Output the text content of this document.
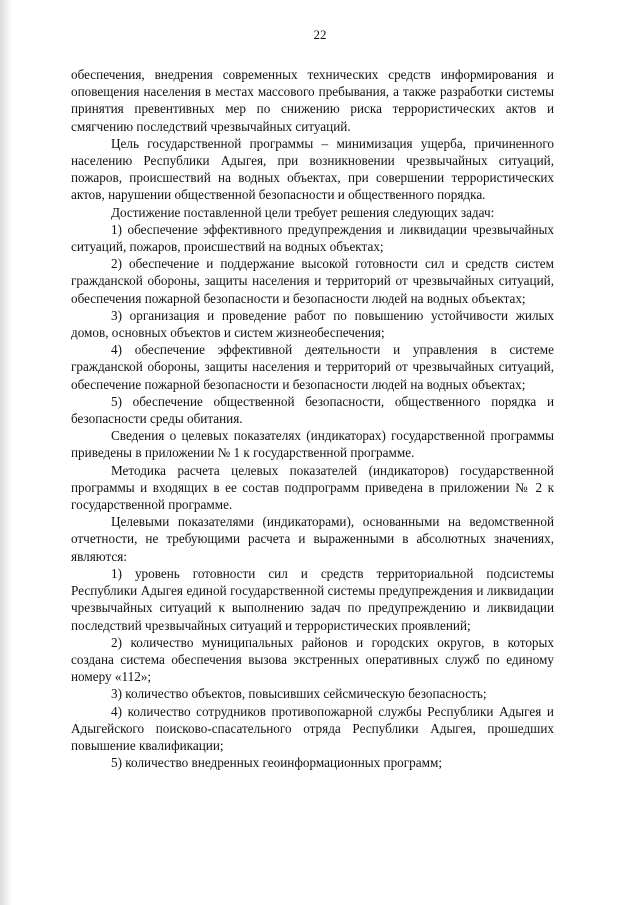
22

обеспечения, внедрения современных технических средств информирования и оповещения населения в местах массового пребывания, а также разработки системы принятия превентивных мер по снижению риска террористических актов и смягчению последствий чрезвычайных ситуаций.

Цель государственной программы – минимизация ущерба, причиненного населению Республики Адыгея, при возникновении чрезвычайных ситуаций, пожаров, происшествий на водных объектах, при совершении террористических актов, нарушении общественной безопасности и общественного порядка.

Достижение поставленной цели требует решения следующих задач:

1) обеспечение эффективного предупреждения и ликвидации чрезвычайных ситуаций, пожаров, происшествий на водных объектах;

2) обеспечение и поддержание высокой готовности сил и средств систем гражданской обороны, защиты населения и территорий от чрезвычайных ситуаций, обеспечения пожарной безопасности и безопасности людей на водных объектах;

3) организация и проведение работ по повышению устойчивости жилых домов, основных объектов и систем жизнеобеспечения;

4) обеспечение эффективной деятельности и управления в системе гражданской обороны, защиты населения и территорий от чрезвычайных ситуаций, обеспечение пожарной безопасности и безопасности людей на водных объектах;

5) обеспечение общественной безопасности, общественного порядка и безопасности среды обитания.

Сведения о целевых показателях (индикаторах) государственной программы приведены в приложении № 1 к государственной программе.

Методика расчета целевых показателей (индикаторов) государственной программы и входящих в ее состав подпрограмм приведена в приложении № 2 к государственной программе.

Целевыми показателями (индикаторами), основанными на ведомственной отчетности, не требующими расчета и выраженными в абсолютных значениях, являются:

1) уровень готовности сил и средств территориальной подсистемы Республики Адыгея единой государственной системы предупреждения и ликвидации чрезвычайных ситуаций к выполнению задач по предупреждению и ликвидации последствий чрезвычайных ситуаций и террористических проявлений;

2) количество муниципальных районов и городских округов, в которых создана система обеспечения вызова экстренных оперативных служб по единому номеру «112»;

3) количество объектов, повысивших сейсмическую безопасность;

4) количество сотрудников противопожарной службы Республики Адыгея и Адыгейского поисково-спасательного отряда Республики Адыгея, прошедших повышение квалификации;

5) количество внедренных геоинформационных программ;
